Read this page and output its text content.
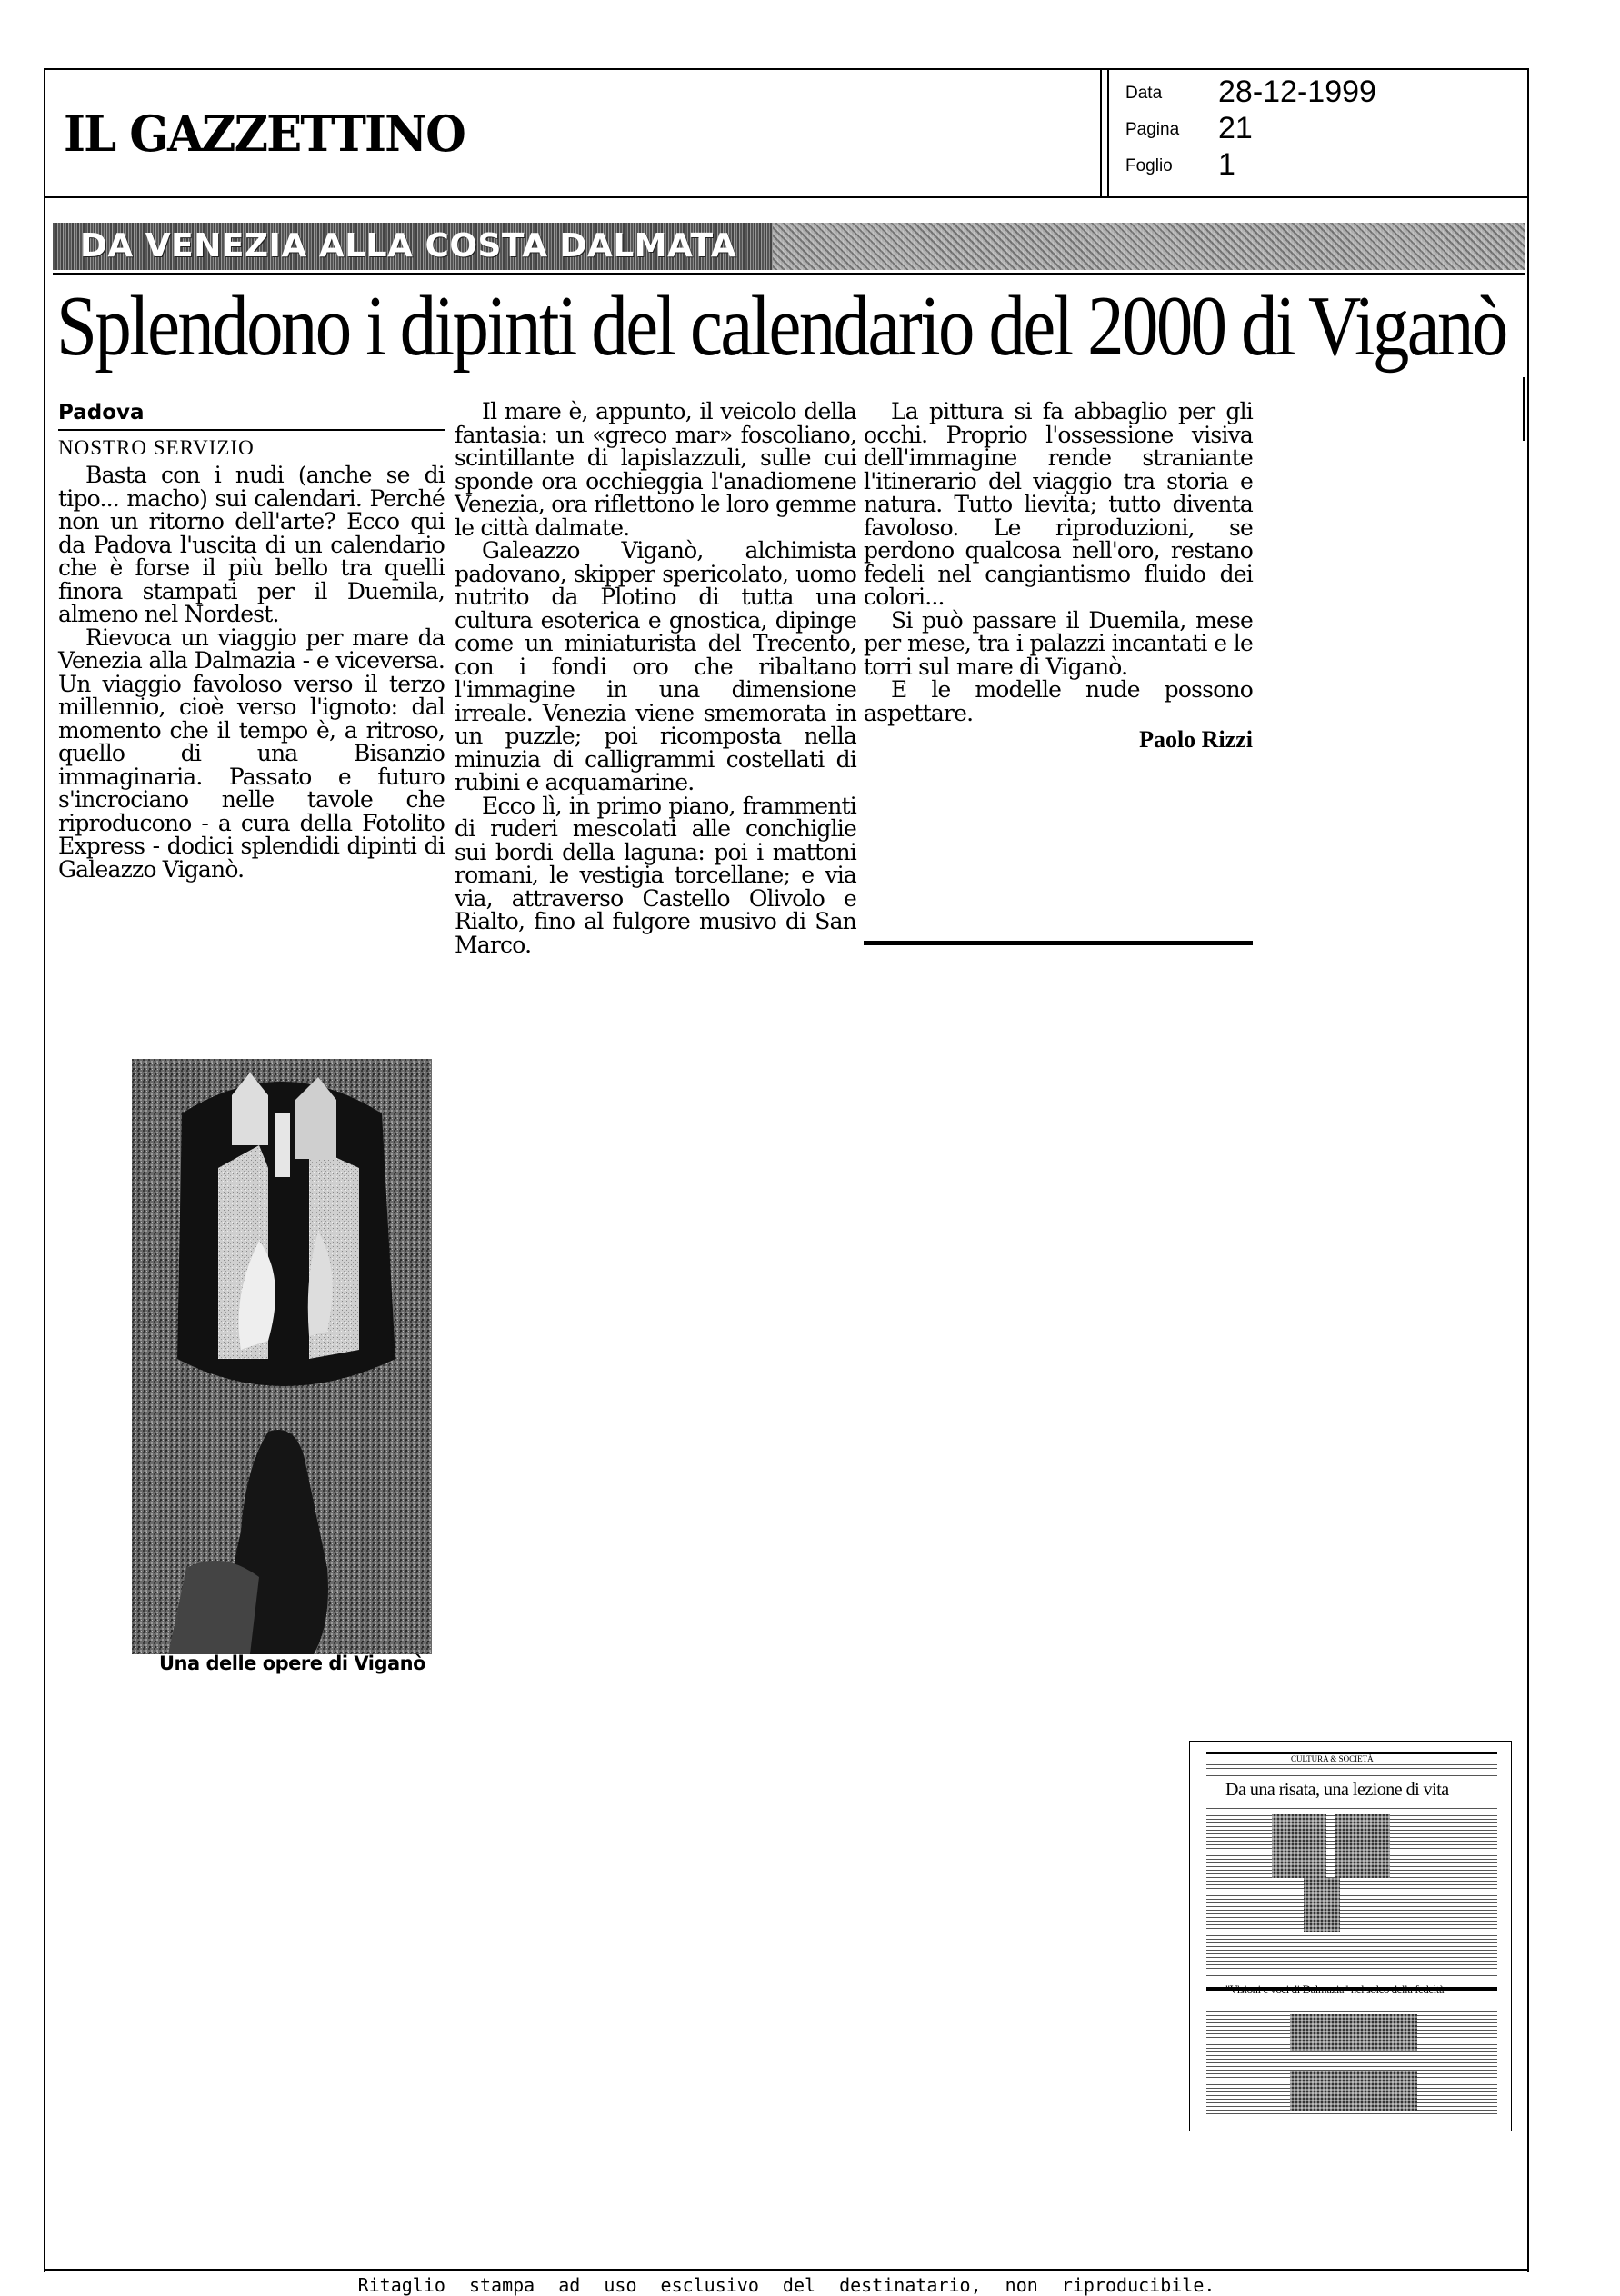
IL GAZZETTINO
Data 28-12-1999
Pagina 21
Foglio 1
DA VENEZIA ALLA COSTA DALMATA
Splendono i dipinti del calendario del 2000 di Viganò
Padova
NOSTRO SERVIZIO

Basta con i nudi (anche se di tipo... macho) sui calendari. Perché non un ritorno dell'arte? Ecco qui da Padova l'uscita di un calendario che è forse il più bello tra quelli finora stampati per il Duemila, almeno nel Nordest.

Rievoca un viaggio per mare da Venezia alla Dalmazia - e viceversa. Un viaggio favoloso verso il terzo millennio, cioè verso l'ignoto: dal momento che il tempo è, a ritroso, quello di una Bisanzio immaginaria. Passato e futuro s'incrociano nelle tavole che riproducono - a cura della Fotolito Express - dodici splendidi dipinti di Galeazzo Viganò.

Il mare è, appunto, il veicolo della fantasia: un «greco mar» foscoliano, scintillante di lapislazzuli, sulle cui sponde ora occhieggia l'anadiomene Venezia, ora riflettono le loro gemme le città dalmate.

Galeazzo Viganò, alchimista padovano, skipper spericolato, uomo nutrito da Plotino di tutta una cultura esoterica e gnostica, dipinge come un miniaturista del Trecento, con i fondi oro che ribaltano l'immagine in una dimensione irreale. Venezia viene smemorata in un puzzle; poi ricomposta nella minuzia di calligrammi costellati di rubini e acquamarine.

Ecco lì, in primo piano, frammenti di ruderi mescolati alle conchiglie sui bordi della laguna: poi i mattoni romani, le vestigia torcellane; e via via, attraverso Castello Olivolo e Rialto, fino al fulgore musivo di San Marco.

La pittura si fa abbaglio per gli occhi. Proprio l'ossessione visiva dell'immagine rende straniante l'itinerario del viaggio tra storia e natura. Tutto lievita; tutto diventa favoloso. Le riproduzioni, se perdono qualcosa nell'oro, restano fedeli nel cangiantismo fluido dei colori...

Si può passare il Duemila, mese per mese, tra i palazzi incantati e le torri sul mare di Viganò.

E le modelle nude possono aspettare.

Paolo Rizzi
Una delle opere di Viganò
CULTURA & SOCIETÀ
Da una risata, una lezione di vita
"Visioni e voci di Dalmazia" nel solco della fedeltà
Ritaglio stampa ad uso esclusivo del destinatario, non riproducibile.
